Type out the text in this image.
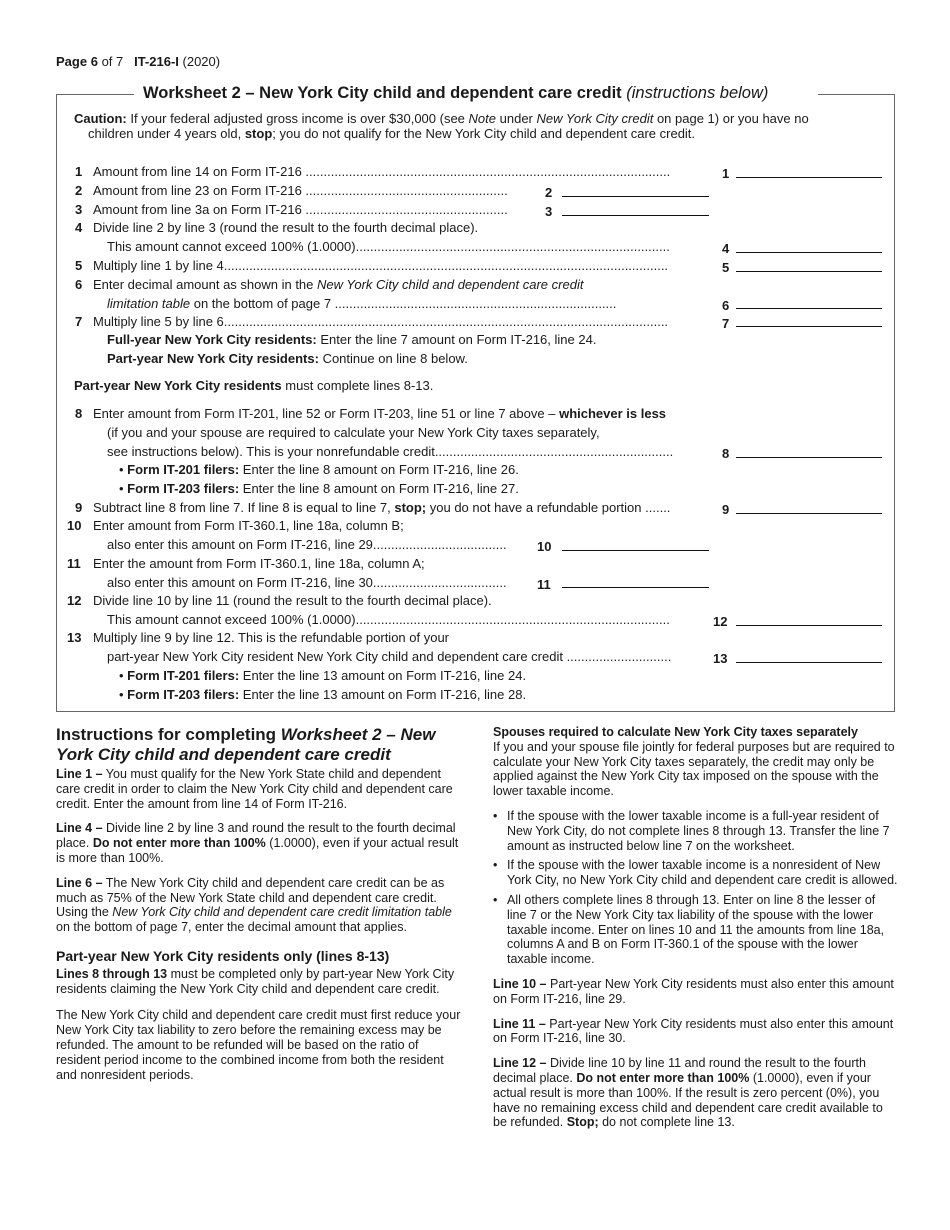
Page 6 of 7 IT-216-I (2020)
Worksheet 2 – New York City child and dependent care credit (instructions below)
Caution: If your federal adjusted gross income is over $30,000 (see Note under New York City credit on page 1) or you have no
children under 4 years old, stop; you do not qualify for the New York City child and dependent care credit.
1 Amount from line 14 on Form IT-216 .....................................................................................................
2 Amount from line 23 on Form IT-216 ........................................................
3 Amount from line 3a on Form IT-216 ........................................................
4 Divide line 2 by line 3 (round the result to the fourth decimal place).
This amount cannot exceed 100% (1.0000).......................................................................................
5 Multiply line 1 by line 4...........................................................................................................................
6 Enter decimal amount as shown in the New York City child and dependent care credit
limitation table on the bottom of page 7 ..............................................................................
7 Multiply line 5 by line 6...........................................................................................................................
Full-year New York City residents: Enter the line 7 amount on Form IT-216, line 24.
Part-year New York City residents: Continue on line 8 below.
Part-year New York City residents must complete lines 8-13.
8 Enter amount from Form IT-201, line 52 or Form IT-203, line 51 or line 7 above – whichever is less
(if you and your spouse are required to calculate your New York City taxes separately,
see instructions below). This is your nonrefundable credit..................................................................
• Form IT-201 filers: Enter the line 8 amount on Form IT-216, line 26.
• Form IT-203 filers: Enter the line 8 amount on Form IT-216, line 27.
9 Subtract line 8 from line 7. If line 8 is equal to line 7, stop; you do not have a refundable portion .......
10 Enter amount from Form IT-360.1, line 18a, column B;
also enter this amount on Form IT-216, line 29.....................................
11 Enter the amount from Form IT-360.1, line 18a, column A;
also enter this amount on Form IT-216, line 30.....................................
12 Divide line 10 by line 11 (round the result to the fourth decimal place).
This amount cannot exceed 100% (1.0000).......................................................................................
13 Multiply line 9 by line 12. This is the refundable portion of your
part-year New York City resident New York City child and dependent care credit .............................
• Form IT-201 filers: Enter the line 13 amount on Form IT-216, line 24.
• Form IT-203 filers: Enter the line 13 amount on Form IT-216, line 28.
1
2
3
4
5
6
7
8
9
10
11
12
13
Instructions for completing Worksheet 2 – New York City child and dependent care credit

Line 1 – You must qualify for the New York State child and dependent care credit in order to claim the New York City child and dependent care credit. Enter the amount from line 14 of Form IT-216.

Line 4 – Divide line 2 by line 3 and round the result to the fourth decimal place. Do not enter more than 100% (1.0000), even if your actual result is more than 100%.

Line 6 – The New York City child and dependent care credit can be as much as 75% of the New York State child and dependent care credit. Using the New York City child and dependent care credit limitation table on the bottom of page 7, enter the decimal amount that applies.

Part-year New York City residents only (lines 8-13)

Lines 8 through 13 must be completed only by part-year New York City residents claiming the New York City child and dependent care credit.

The New York City child and dependent care credit must first reduce your New York City tax liability to zero before the remaining excess may be refunded. The amount to be refunded will be based on the ratio of resident period income to the combined income from both the resident and nonresident periods.

Spouses required to calculate New York City taxes separately

If you and your spouse file jointly for federal purposes but are required to calculate your New York City taxes separately, the credit may only be applied against the New York City tax imposed on the spouse with the lower taxable income.

• If the spouse with the lower taxable income is a full-year resident of New York City, do not complete lines 8 through 13. Transfer the line 7 amount as instructed below line 7 on the worksheet.
• If the spouse with the lower taxable income is a nonresident of New York City, no New York City child and dependent care credit is allowed.
• All others complete lines 8 through 13. Enter on line 8 the lesser of line 7 or the New York City tax liability of the spouse with the lower taxable income. Enter on lines 10 and 11 the amounts from line 18a, columns A and B on Form IT-360.1 of the spouse with the lower taxable income.

Line 10 – Part-year New York City residents must also enter this amount on Form IT-216, line 29.

Line 11 – Part-year New York City residents must also enter this amount on Form IT-216, line 30.

Line 12 – Divide line 10 by line 11 and round the result to the fourth decimal place. Do not enter more than 100% (1.0000), even if your actual result is more than 100%. If the result is zero percent (0%), you have no remaining excess child and dependent care credit available to be refunded. Stop; do not complete line 13.
